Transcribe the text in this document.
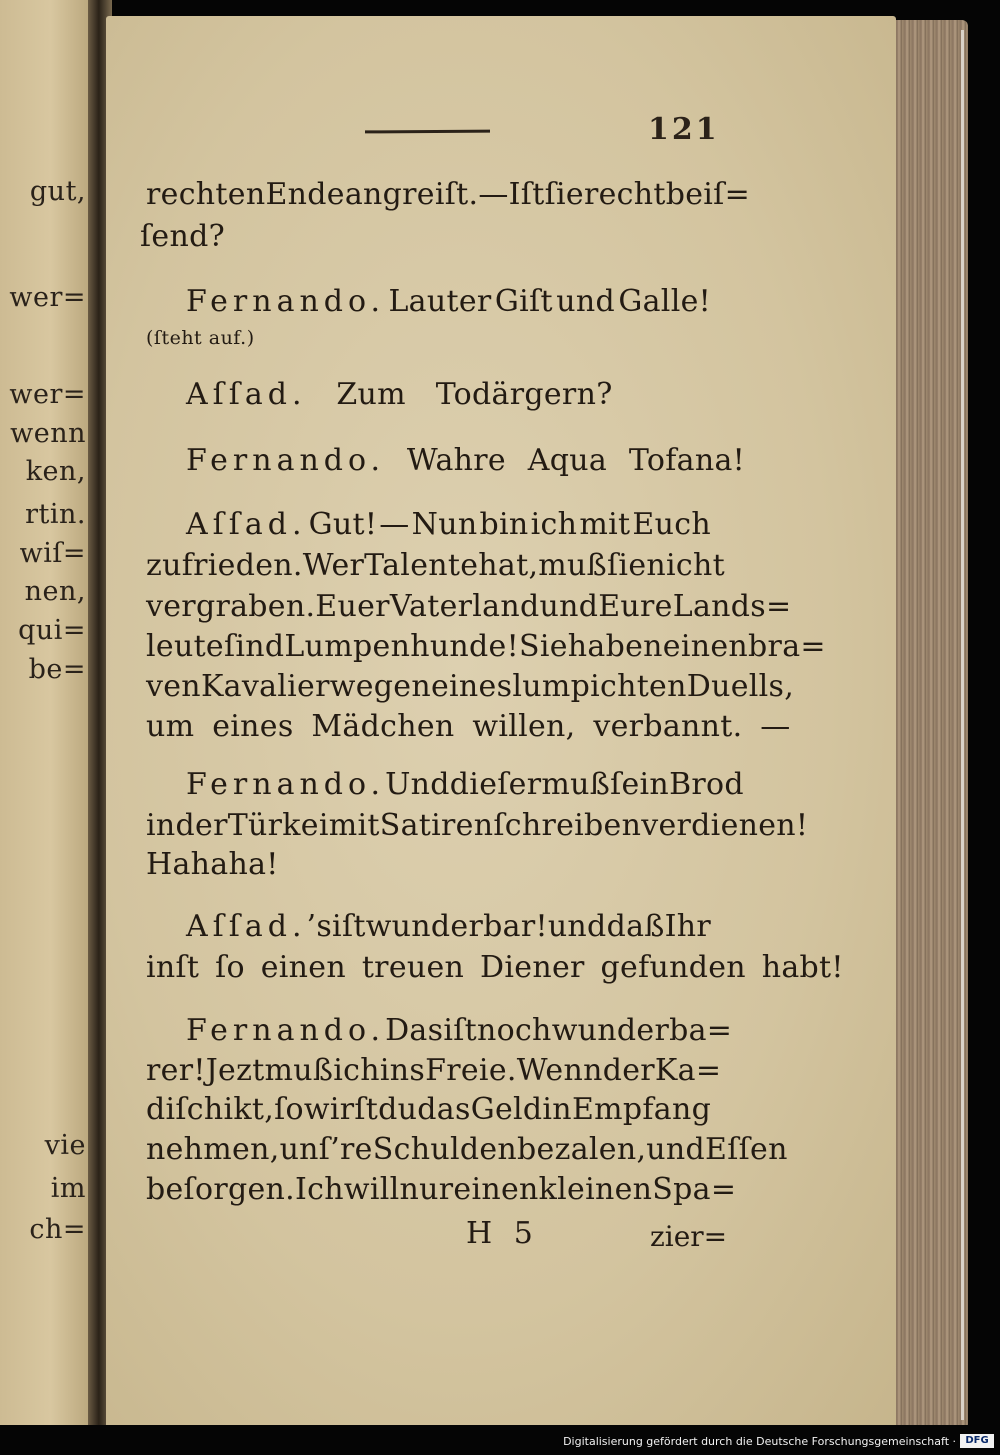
gut,
wer=
wer=
wenn
ken,
rtin.
wiſ=
nen,
qui=
be=
vie
im
ch=
121
rechten Ende angreiſt. — Iſt ſie recht beiſ=
ſend?
Fernando. Lauter Giſt und Galle!
(ſteht auf.)
Aſſad. Zum Todärgern?
Fernando. Wahre Aqua Tofana!
Aſſad. Gut! — Nun bin ich mit Euch
zufrieden. Wer Talente hat, muß ſie nicht
vergraben. Euer Vaterland und Eure Lands=
leute ſind Lumpenhunde! Sie haben einen bra=
ven Kavalier wegen eines lumpichten Duells,
um eines Mädchen willen, verbannt. —
Fernando. Und dieſer muß ſein Brod
in der Türkei mit Satirenſchreiben verdienen!
Hahaha!
Aſſad. ’s iſt wunderbar! und daß Ihr
inſt ſo einen treuen Diener gefunden habt!
Fernando. Das iſt noch wunderba=
rer! Jezt muß ich ins Freie. Wenn der Ka=
di ſchikt, ſo wirſt du das Geld in Empfang
nehmen, unſ’re Schulden bezalen, und Eſſen
beſorgen. Ich will nur einen kleinen Spa=
H 5	zier=
Digitalisierung gefördert durch die Deutsche Forschungsgemeinschaft · DFG
